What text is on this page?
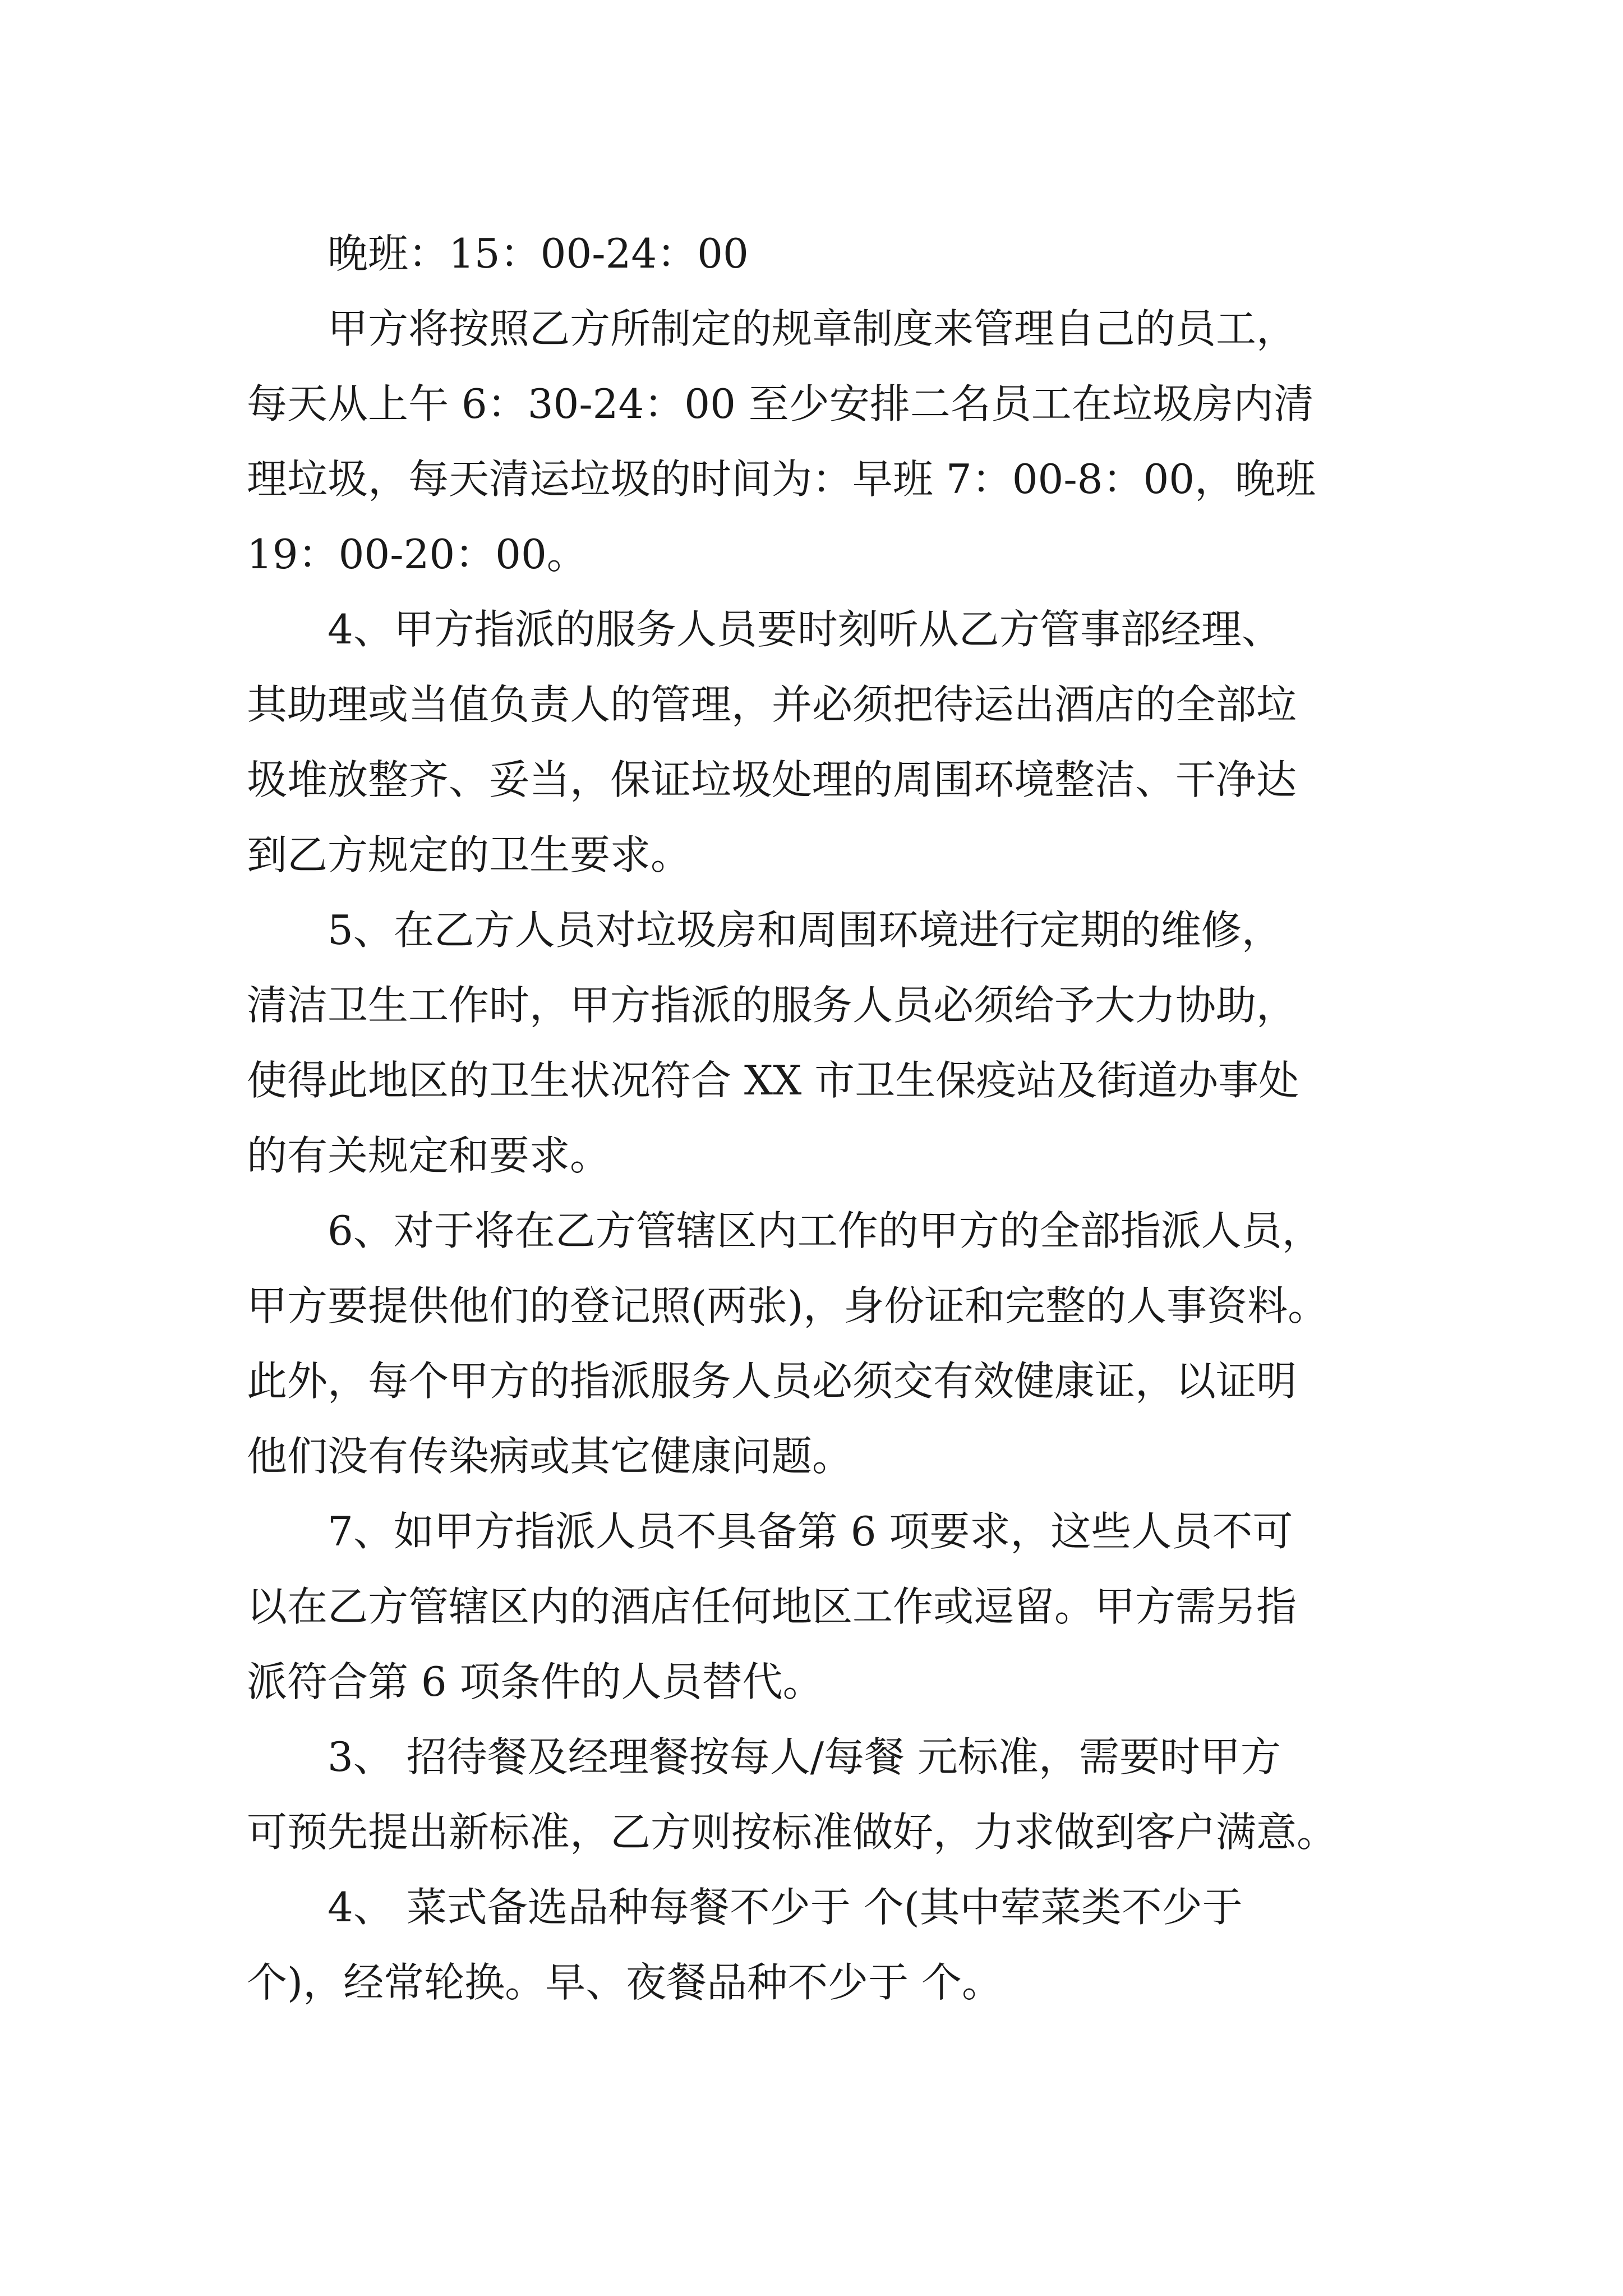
晚班：15：00-24：00

甲方将按照乙方所制定的规章制度来管理自己的员工，
每天从上午 6：30-24：00 至少安排二名员工在垃圾房内清
理垃圾，每天清运垃圾的时间为：早班 7：00-8：00，晚班
19：00-20：00。

4、甲方指派的服务人员要时刻听从乙方管事部经理、
其助理或当值负责人的管理，并必须把待运出酒店的全部垃
圾堆放整齐、妥当，保证垃圾处理的周围环境整洁、干净达
到乙方规定的卫生要求。

5、在乙方人员对垃圾房和周围环境进行定期的维修，
清洁卫生工作时，甲方指派的服务人员必须给予大力协助，
使得此地区的卫生状况符合 XX 市卫生保疫站及街道办事处
的有关规定和要求。

6、对于将在乙方管辖区内工作的甲方的全部指派人员，
甲方要提供他们的登记照(两张)，身份证和完整的人事资料。
此外，每个甲方的指派服务人员必须交有效健康证，以证明
他们没有传染病或其它健康问题。

7、如甲方指派人员不具备第 6 项要求，这些人员不可
以在乙方管辖区内的酒店任何地区工作或逗留。甲方需另指
派符合第 6 项条件的人员替代。

3、 招待餐及经理餐按每人/每餐 元标准，需要时甲方
可预先提出新标准，乙方则按标准做好，力求做到客户满意。

4、 菜式备选品种每餐不少于 个(其中荤菜类不少于
个)，经常轮换。早、夜餐品种不少于 个。
